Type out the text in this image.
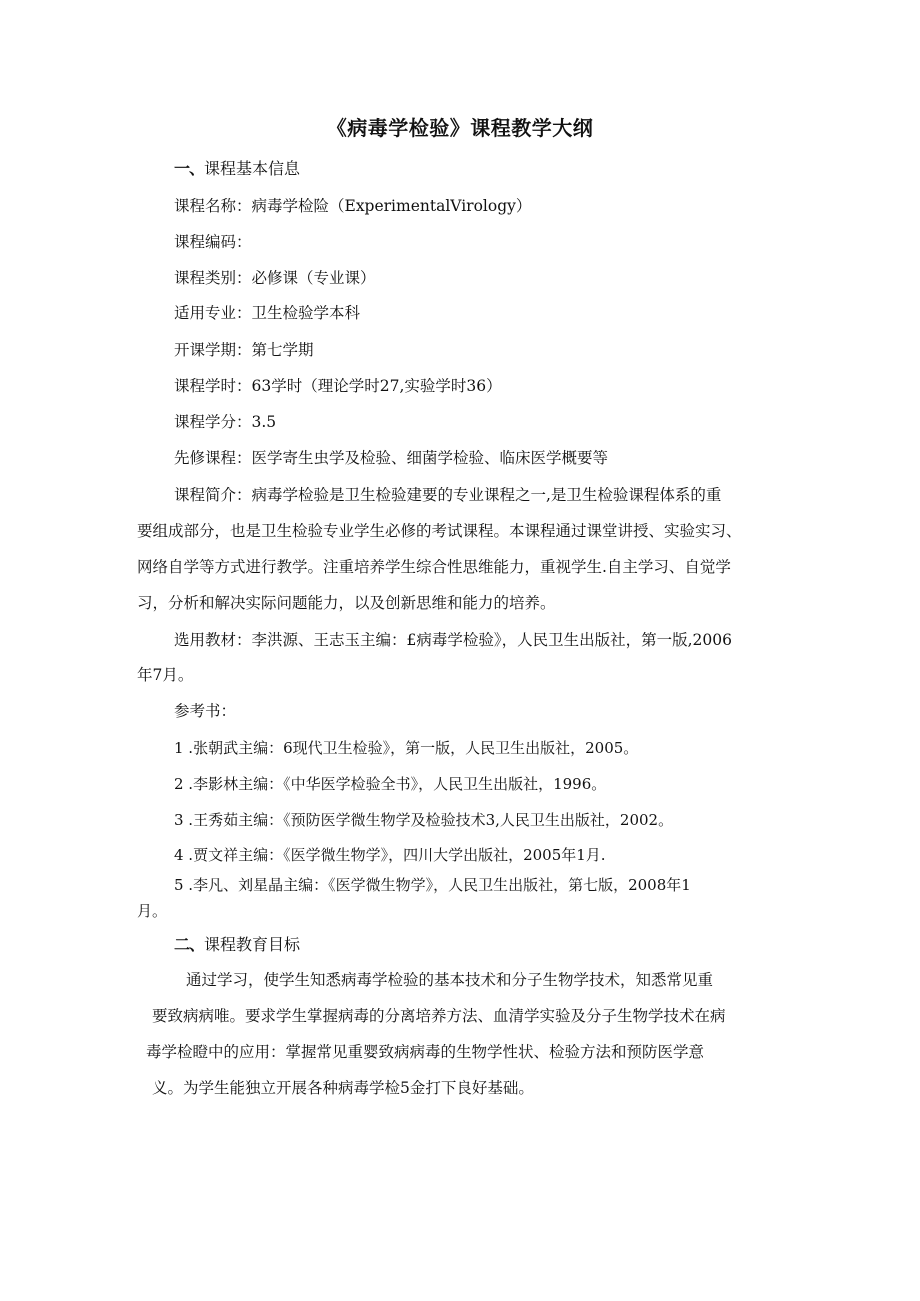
《病毒学检验》课程教学大纲
一、课程基本信息
课程名称：病毒学检险（ExperimentalVirology）
课程编码：
课程类别：必修课（专业课）
适用专业：卫生检验学本科
开课学期：第七学期
课程学时：63学时（理论学时27,实验学时36）
课程学分：3.5
先修课程：医学寄生虫学及检验、细菌学检验、临床医学概要等
课程简介：病毒学检验是卫生检验建要的专业课程之一,是卫生检验课程体系的重
要组成部分，也是卫生检验专业学生必修的考试课程。本课程通过课堂讲授、实验实习、
网络自学等方式进行教学。注重培养学生综合性思维能力，重视学生.自主学习、自觉学
习，分析和解决实际问题能力，以及创新思维和能力的培养。
选用教材：李洪源、王志玉主编：£病毒学检验》，人民卫生出版社，第一版,2006
年7月。
参考书：
1 .张朝武主编：6现代卫生检验》，第一版，人民卫生出版社，2005。
2 .李影林主编：《中华医学检验全书》，人民卫生出版社，1996。
3 .王秀茹主编：《预防医学微生物学及检验技术3,人民卫生出版社，2002。
4 .贾文祥主编：《医学微生物学》，四川大学出版社，2005年1月.
5 .李凡、刘星晶主编：《医学微生物学》，人民卫生出版社，第七版，2008年1
月。
二、课程教育目标
通过学习，使学生知悉病毒学检验的基本技术和分子生物学技术，知悉常见重
要致病病唯。要求学生掌握病毒的分离培养方法、血清学实验及分子生物学技术在病
毒学检瞪中的应用：掌握常见重婴致病病毒的生物学性状、检验方法和预防医学意
义。为学生能独立开展各种病毒学检5金打下良好基础。
